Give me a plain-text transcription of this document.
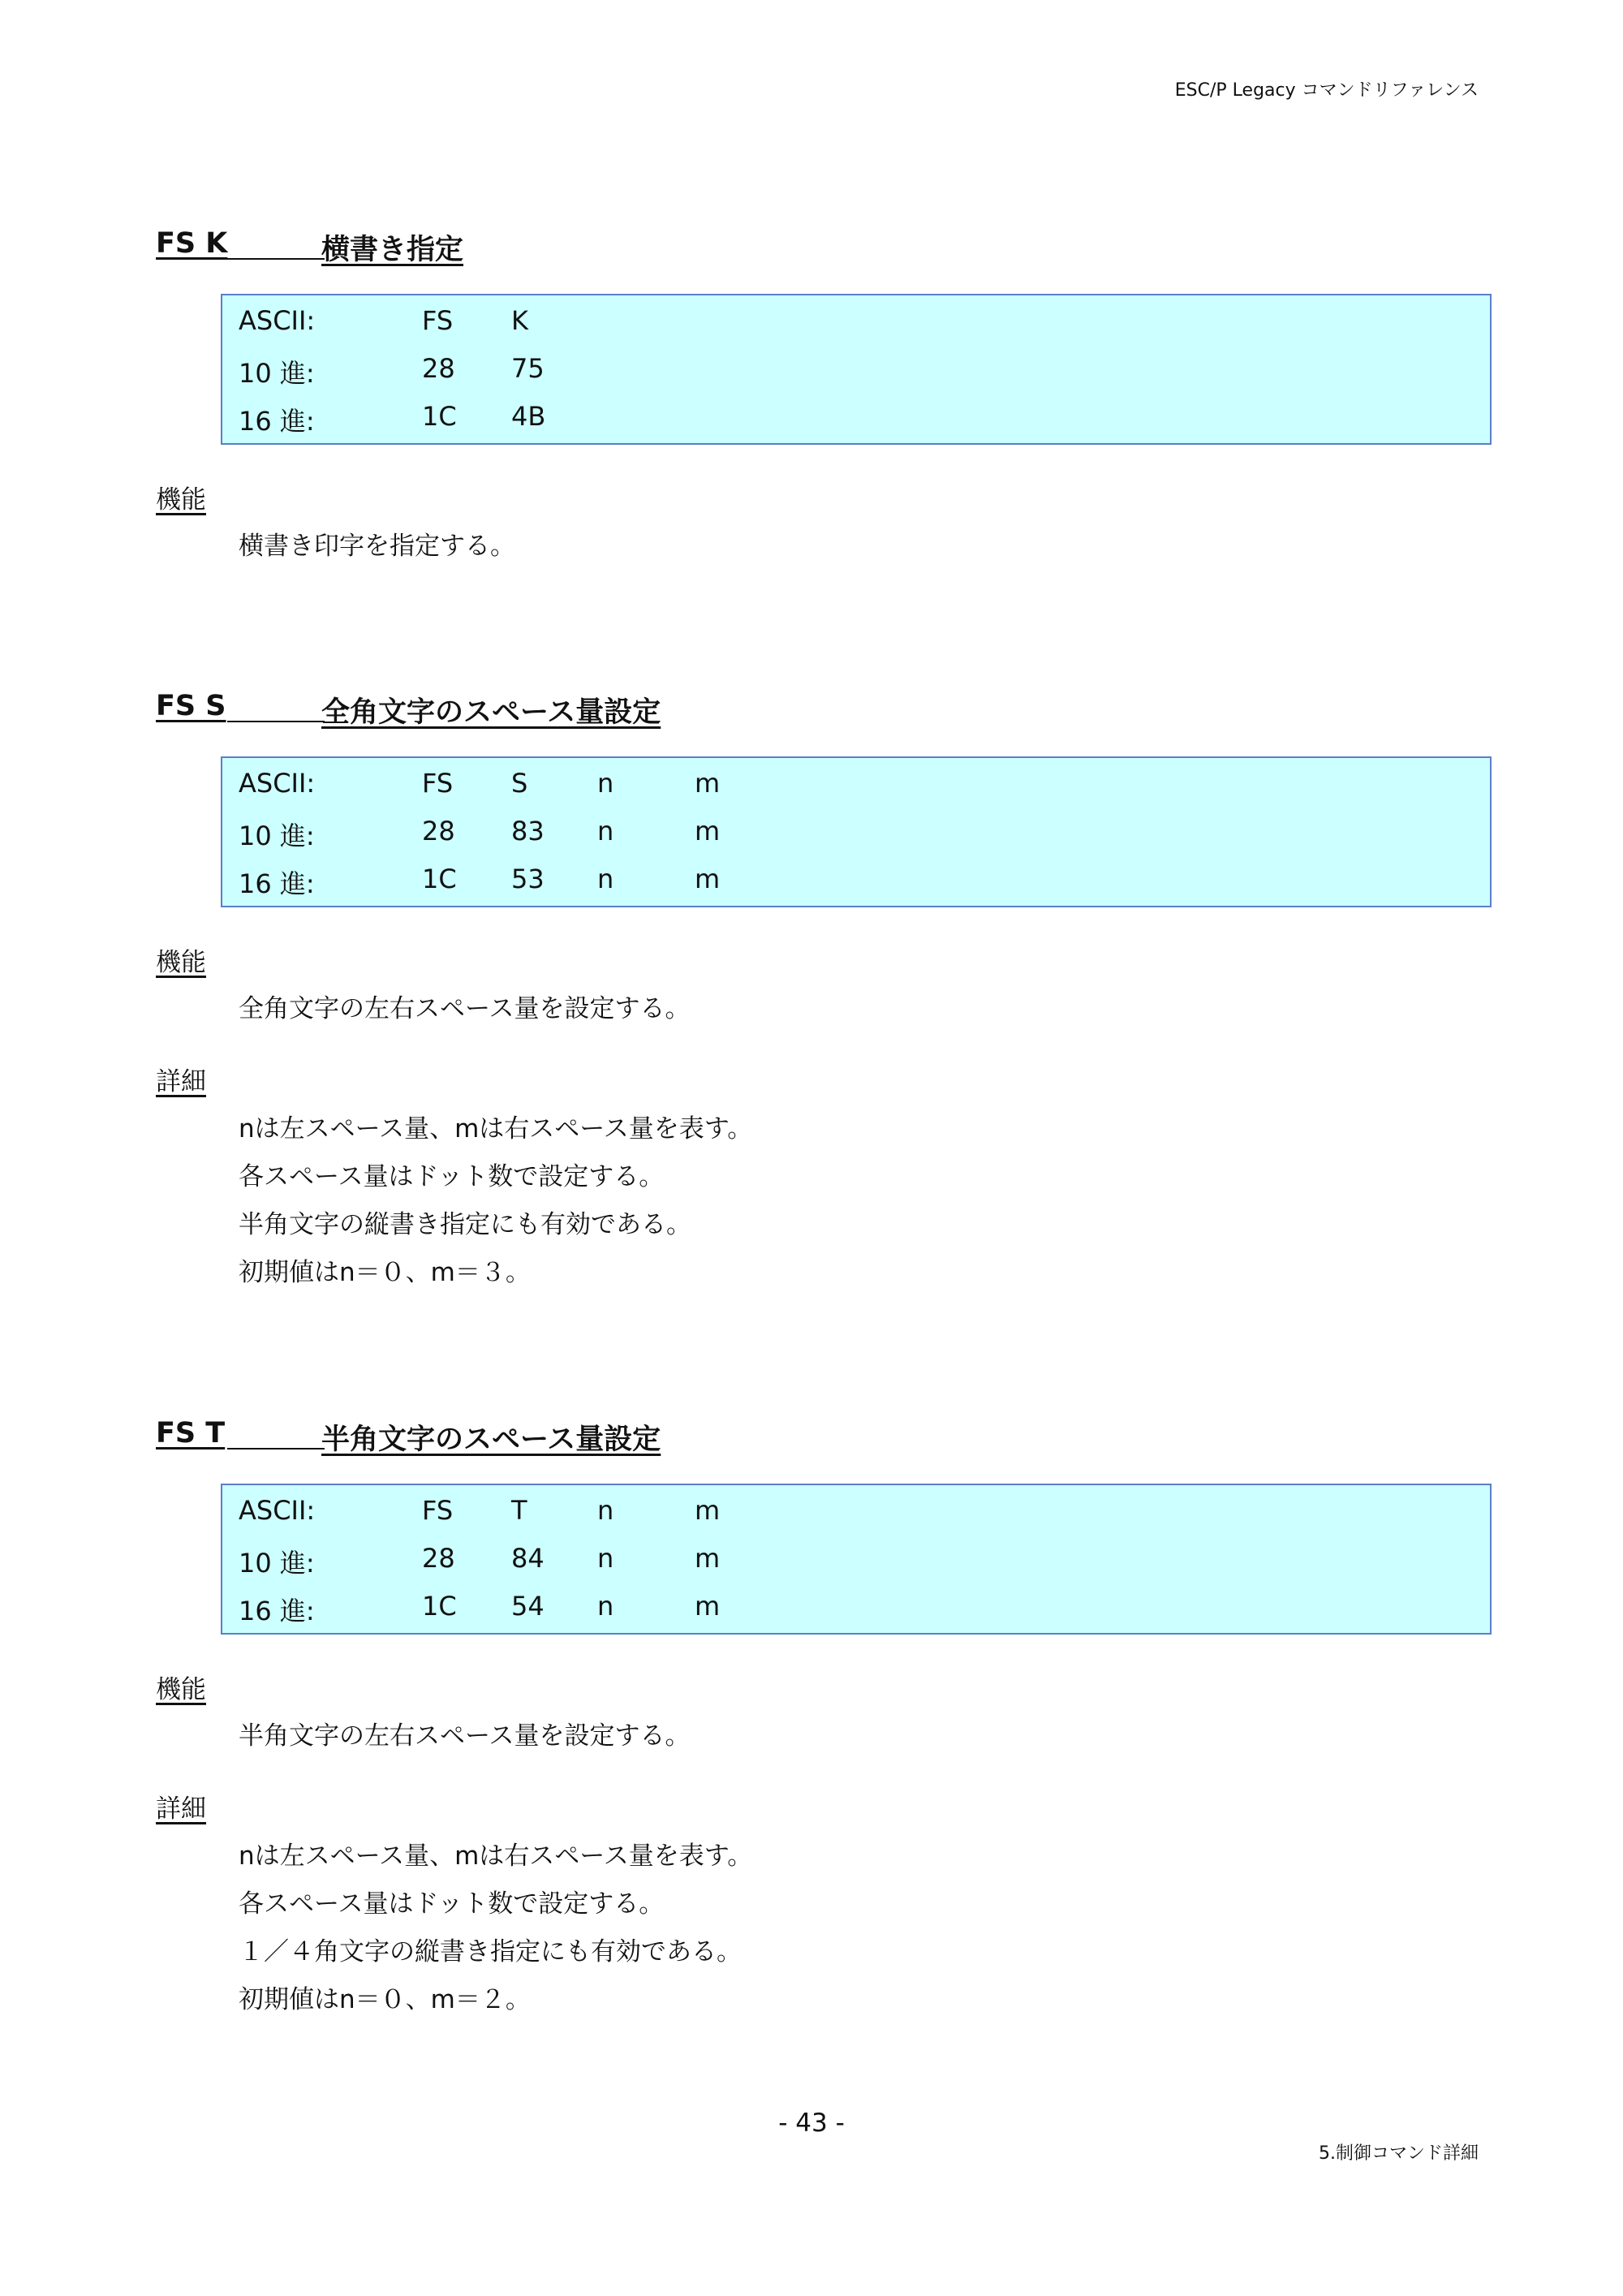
ESC/P Legacy コマンドリファレンス
FS K	横書き指定
ASCII:	FS K
10 進:	28 75
16 進:	1C 4B
機能
横書き印字を指定する。
FS S	全角文字のスペース量設定
ASCII:	FS S	n	m
10 進:	28 83 n	m
16 進:	1C 53 n	m
機能
全角文字の左右スペース量を設定する。
詳細
nは左スペース量、mは右スペース量を表す。
各スペース量はドット数で設定する。
半角文字の縦書き指定にも有効である。
初期値はn＝０、m＝３。
FS T	半角文字のスペース量設定
ASCII:	FS T	n	m
10 進:	28 84 n	m
16 進:	1C 54 n	m
機能
半角文字の左右スペース量を設定する。
詳細
nは左スペース量、mは右スペース量を表す。
各スペース量はドット数で設定する。
１／４角文字の縦書き指定にも有効である。
初期値はn＝０、m＝２。
- 43 -
5.制御コマンド詳細
